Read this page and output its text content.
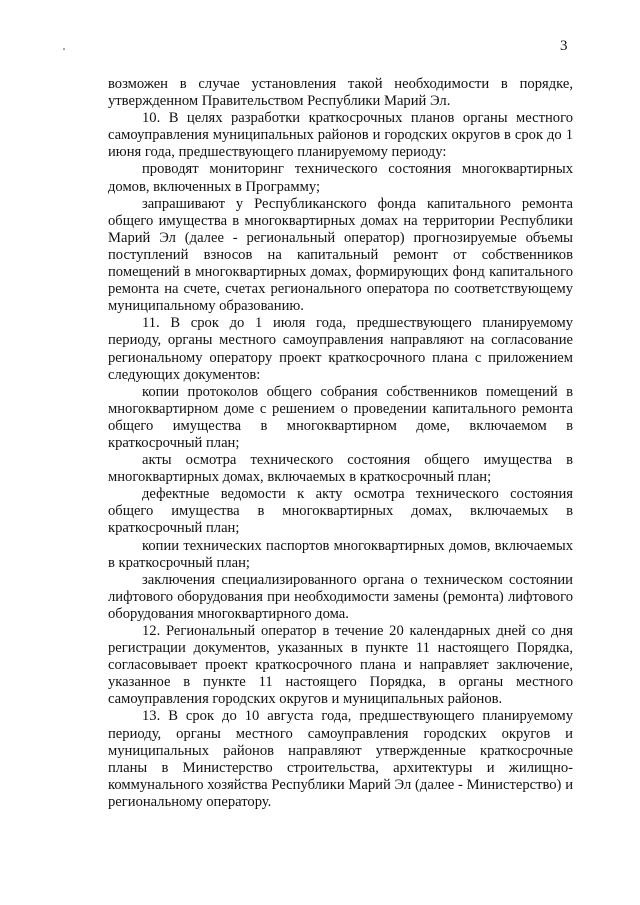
3

возможен в случае установления такой необходимости в порядке, утвержденном Правительством Республики Марий Эл.

10. В целях разработки краткосрочных планов органы местного самоуправления муниципальных районов и городских округов в срок до 1 июня года, предшествующего планируемому периоду:

проводят мониторинг технического состояния многоквартирных домов, включенных в Программу;

запрашивают у Республиканского фонда капитального ремонта общего имущества в многоквартирных домах на территории Республики Марий Эл (далее - региональный оператор) прогнозируемые объемы поступлений взносов на капитальный ремонт от собственников помещений в многоквартирных домах, формирующих фонд капитального ремонта на счете, счетах регионального оператора по соответствующему муниципальному образованию.

11. В срок до 1 июля года, предшествующего планируемому периоду, органы местного самоуправления направляют на согласование региональному оператору проект краткосрочного плана с приложением следующих документов:

копии протоколов общего собрания собственников помещений в многоквартирном доме с решением о проведении капитального ремонта общего имущества в многоквартирном доме, включаемом в краткосрочный план;

акты осмотра технического состояния общего имущества в многоквартирных домах, включаемых в краткосрочный план;

дефектные ведомости к акту осмотра технического состояния общего имущества в многоквартирных домах, включаемых в краткосрочный план;

копии технических паспортов многоквартирных домов, включаемых в краткосрочный план;

заключения специализированного органа о техническом состоянии лифтового оборудования при необходимости замены (ремонта) лифтового оборудования многоквартирного дома.

12. Региональный оператор в течение 20 календарных дней со дня регистрации документов, указанных в пункте 11 настоящего Порядка, согласовывает проект краткосрочного плана и направляет заключение, указанное в пункте 11 настоящего Порядка, в органы местного самоуправления городских округов и муниципальных районов.

13. В срок до 10 августа года, предшествующего планируемому периоду, органы местного самоуправления городских округов и муниципальных районов направляют утвержденные краткосрочные планы в Министерство строительства, архитектуры и жилищно-коммунального хозяйства Республики Марий Эл (далее - Министерство) и региональному оператору.
